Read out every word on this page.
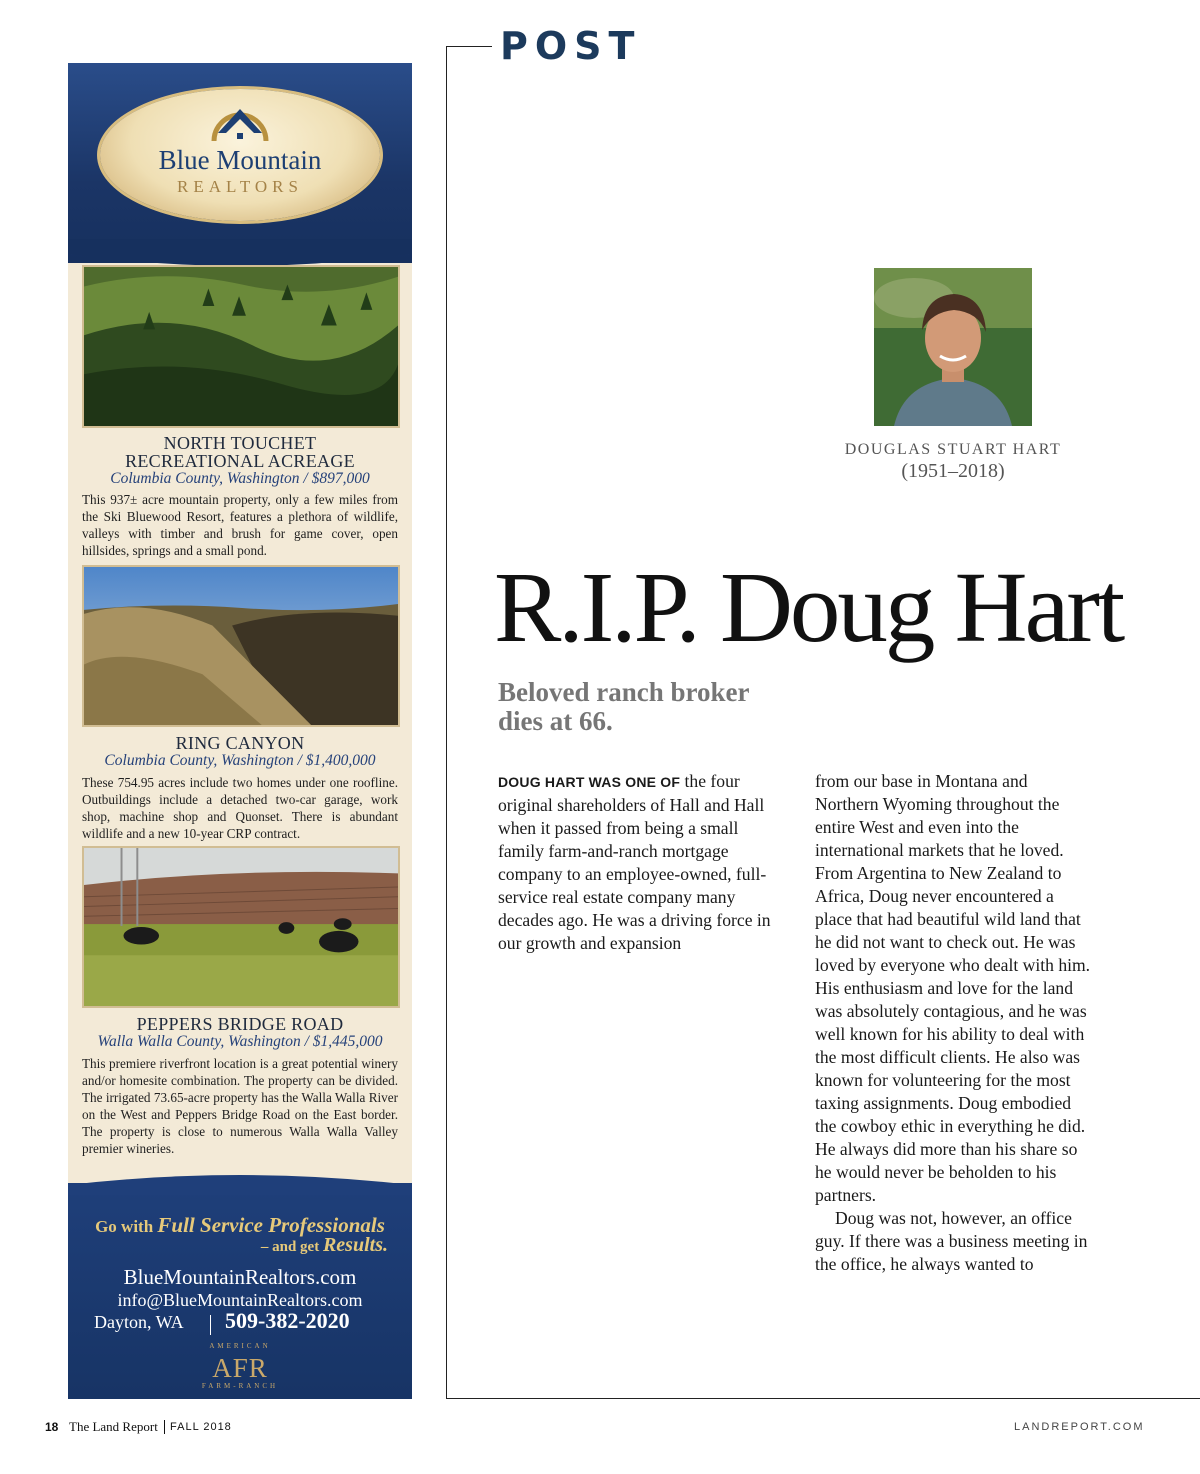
POST
Blue Mountain
REALTORS
NORTH TOUCHET
RECREATIONAL ACREAGE
Columbia County, Washington / $897,000
This 937± acre mountain property, only a few miles from the Ski Bluewood Resort, features a plethora of wildlife, valleys with timber and brush for game cover, open hillsides, springs and a small pond.
RING CANYON
Columbia County, Washington / $1,400,000
These 754.95 acres include two homes under one roofline. Outbuildings include a detached two-car garage, work shop, machine shop and Quonset. There is abundant wildlife and a new 10-year CRP contract.
PEPPERS BRIDGE ROAD
Walla Walla County, Washington / $1,445,000
This premiere riverfront location is a great potential winery and/or homesite combination. The property can be divided. The irrigated 73.65-acre property has the Walla Walla River on the West and Peppers Bridge Road on the East border. The property is close to numerous Walla Walla Valley premier wineries.
Go with Full Service Professionals
– and get Results.
BlueMountainRealtors.com
info@BlueMountainRealtors.com
Dayton, WA 509-382-2020
AMERICAN
AFR
FARM-RANCH
DOUGLAS STUART HART
(1951–2018)
R.I.P. Doug Hart
Beloved ranch broker dies at 66.

DOUG HART WAS ONE OF the four original shareholders of Hall and Hall when it passed from being a small family farm-and-ranch mortgage company to an employee-owned, full-service real estate company many decades ago. He was a driving force in our growth and expansion

from our base in Montana and Northern Wyoming throughout the entire West and even into the international markets that he loved. From Argentina to New Zealand to Africa, Doug never encountered a place that had beautiful wild land that he did not want to check out. He was loved by everyone who dealt with him. His enthusiasm and love for the land was absolutely contagious, and he was well known for his ability to deal with the most difficult clients. He also was known for volunteering for the most taxing assignments. Doug embodied the cowboy ethic in everything he did. He always did more than his share so he would never be beholden to his partners.

Doug was not, however, an office guy. If there was a business meeting in the office, he always wanted to

18 The Land Report FALL 2018	LANDREPORT.COM
